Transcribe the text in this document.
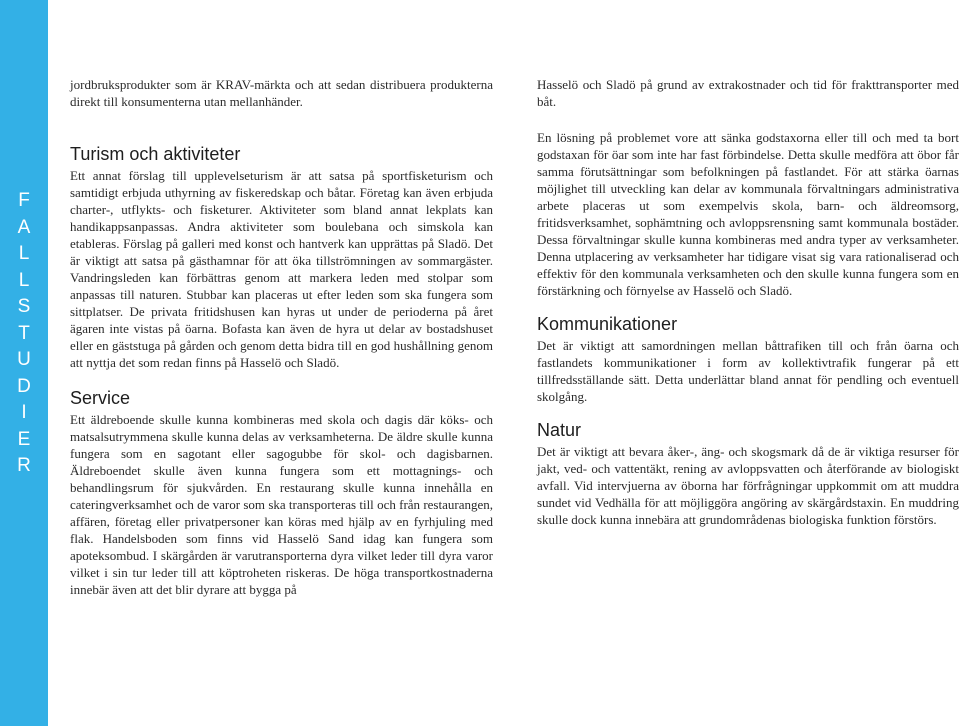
F
A
L
L
S
T
U
D
I
E
R

jordbruksprodukter som är KRAV-märkta och att sedan distribuera produkterna direkt till konsumenterna utan mellanhänder.

Turism och aktiviteter

Ett annat förslag till upplevelseturism är att satsa på sportfisketurism och samtidigt erbjuda uthyrning av fiskeredskap och båtar. Företag kan även erbjuda charter-, utflykts- och fisketurer. Aktiviteter som bland annat lekplats kan handikappsanpassas. Andra aktiviteter som boulebana och simskola kan etableras. Förslag på galleri med konst och hantverk kan upprättas på Sladö. Det är viktigt att satsa på gästhamnar för att öka tillströmningen av sommargäster. Vandringsleden kan förbättras genom att markera leden med stolpar som anpassas till naturen. Stubbar kan placeras ut efter leden som ska fungera som sittplatser. De privata fritidshusen kan hyras ut under de perioderna på året ägaren inte vistas på öarna. Bofasta kan även de hyra ut delar av bostadshuset eller en gäststuga på gården och genom detta bidra till en god hushållning genom att nyttja det som redan finns på Hasselö och Sladö.

Service

Ett äldreboende skulle kunna kombineras med skola och dagis där köks- och matsalsutrymmena skulle kunna delas av verksamheterna. De äldre skulle kunna fungera som en sagotant eller sagogubbe för skol- och dagisbarnen. Äldreboendet skulle även kunna fungera som ett mottagnings- och behandlingsrum för sjukvården. En restaurang skulle kunna innehålla en cateringverksamhet och de varor som ska transporteras till och från restaurangen, affären, företag eller privatpersoner kan köras med hjälp av en fyrhjuling med flak. Handelsboden som finns vid Hasselö Sand idag kan fungera som apoteksombud. I skärgården är varutransporterna dyra vilket leder till dyra varor vilket i sin tur leder till att köptroheten riskeras. De höga transportkostnaderna innebär även att det blir dyrare att bygga på

Hasselö och Sladö på grund av extrakostnader och tid för frakttransporter med båt.

En lösning på problemet vore att sänka godstaxorna eller till och med ta bort godstaxan för öar som inte har fast förbindelse. Detta skulle medföra att öbor får samma förutsättningar som befolkningen på fastlandet. För att stärka öarnas möjlighet till utveckling kan delar av kommunala förvaltningars administrativa arbete placeras ut som exempelvis skola, barn- och äldreomsorg, fritidsverksamhet, sophämtning och avloppsrensning samt kommunala bostäder. Dessa förvaltningar skulle kunna kombineras med andra typer av verksamheter. Denna utplacering av verksamheter har tidigare visat sig vara rationaliserad och effektiv för den kommunala verksamheten och den skulle kunna fungera som en förstärkning och förnyelse av Hasselö och Sladö.

Kommunikationer

Det är viktigt att samordningen mellan båttrafiken till och från öarna och fastlandets kommunikationer i form av kollektivtrafik fungerar på ett tillfredsställande sätt. Detta underlättar bland annat för pendling och eventuell skolgång.

Natur

Det är viktigt att bevara åker-, äng- och skogsmark då de är viktiga resurser för jakt, ved- och vattentäkt, rening av avloppsvatten och återförande av biologiskt avfall. Vid intervjuerna av öborna har förfrågningar uppkommit om att muddra sundet vid Vedhälla för att möjliggöra angöring av skärgårdstaxin. En muddring skulle dock kunna innebära att grundområdenas biologiska funktion förstörs.
